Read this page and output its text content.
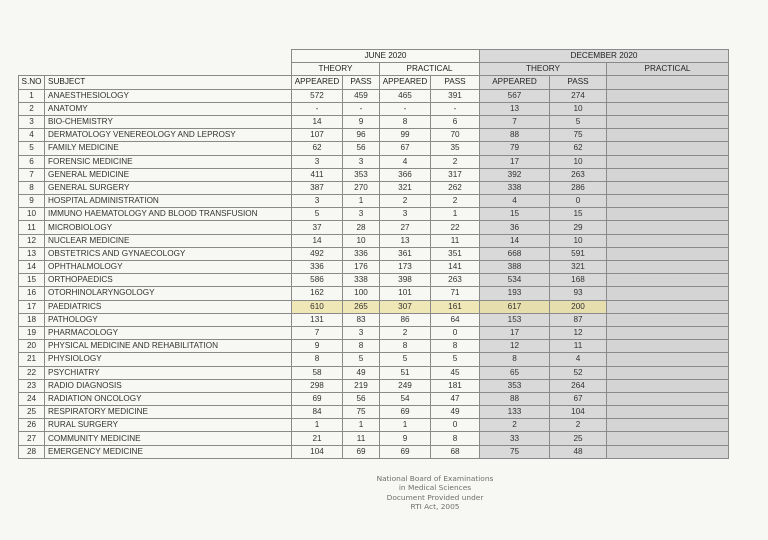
		JUNE 2020				DECEMBER 2020		
		THEORY		PRACTICAL		THEORY		PRACTICAL
S.NO	SUBJECT	APPEARED	PASS	APPEARED	PASS	APPEARED	PASS	
1	ANAESTHESIOLOGY	572	459	465	391	567	274	
2	ANATOMY	-	-	-	-	13	10	
3	BIO-CHEMISTRY	14	9	8	6	7	5	
4	DERMATOLOGY VENEREOLOGY AND LEPROSY	107	96	99	70	88	75	
5	FAMILY MEDICINE	62	56	67	35	79	62	
6	FORENSIC MEDICINE	3	3	4	2	17	10	
7	GENERAL MEDICINE	411	353	366	317	392	263	
8	GENERAL SURGERY	387	270	321	262	338	286	
9	HOSPITAL ADMINISTRATION	3	1	2	2	4	0	
10	IMMUNO HAEMATOLOGY AND BLOOD TRANSFUSION	5	3	3	1	15	15	
11	MICROBIOLOGY	37	28	27	22	36	29	
12	NUCLEAR MEDICINE	14	10	13	11	14	10	
13	OBSTETRICS AND GYNAECOLOGY	492	336	361	351	668	591	
14	OPHTHALMOLOGY	336	176	173	141	388	321	
15	ORTHOPAEDICS	586	338	398	263	534	168	
16	OTORHINOLARYNGOLOGY	162	100	101	71	193	93	
17	PAEDIATRICS	610	265	307	161	617	200	
18	PATHOLOGY	131	83	86	64	153	87	
19	PHARMACOLOGY	7	3	2	0	17	12	
20	PHYSICAL MEDICINE AND REHABILITATION	9	8	8	8	12	11	
21	PHYSIOLOGY	8	5	5	5	8	4	
22	PSYCHIATRY	58	49	51	45	65	52	
23	RADIO DIAGNOSIS	298	219	249	181	353	264	
24	RADIATION ONCOLOGY	69	56	54	47	88	67	
25	RESPIRATORY MEDICINE	84	75	69	49	133	104	
26	RURAL SURGERY	1	1	1	0	2	2	
27	COMMUNITY MEDICINE	21	11	9	8	33	25	
28	EMERGENCY MEDICINE	104	69	69	68	75	48	
National Board of Examinations
in Medical Sciences
Document Provided under
RTI Act, 2005
